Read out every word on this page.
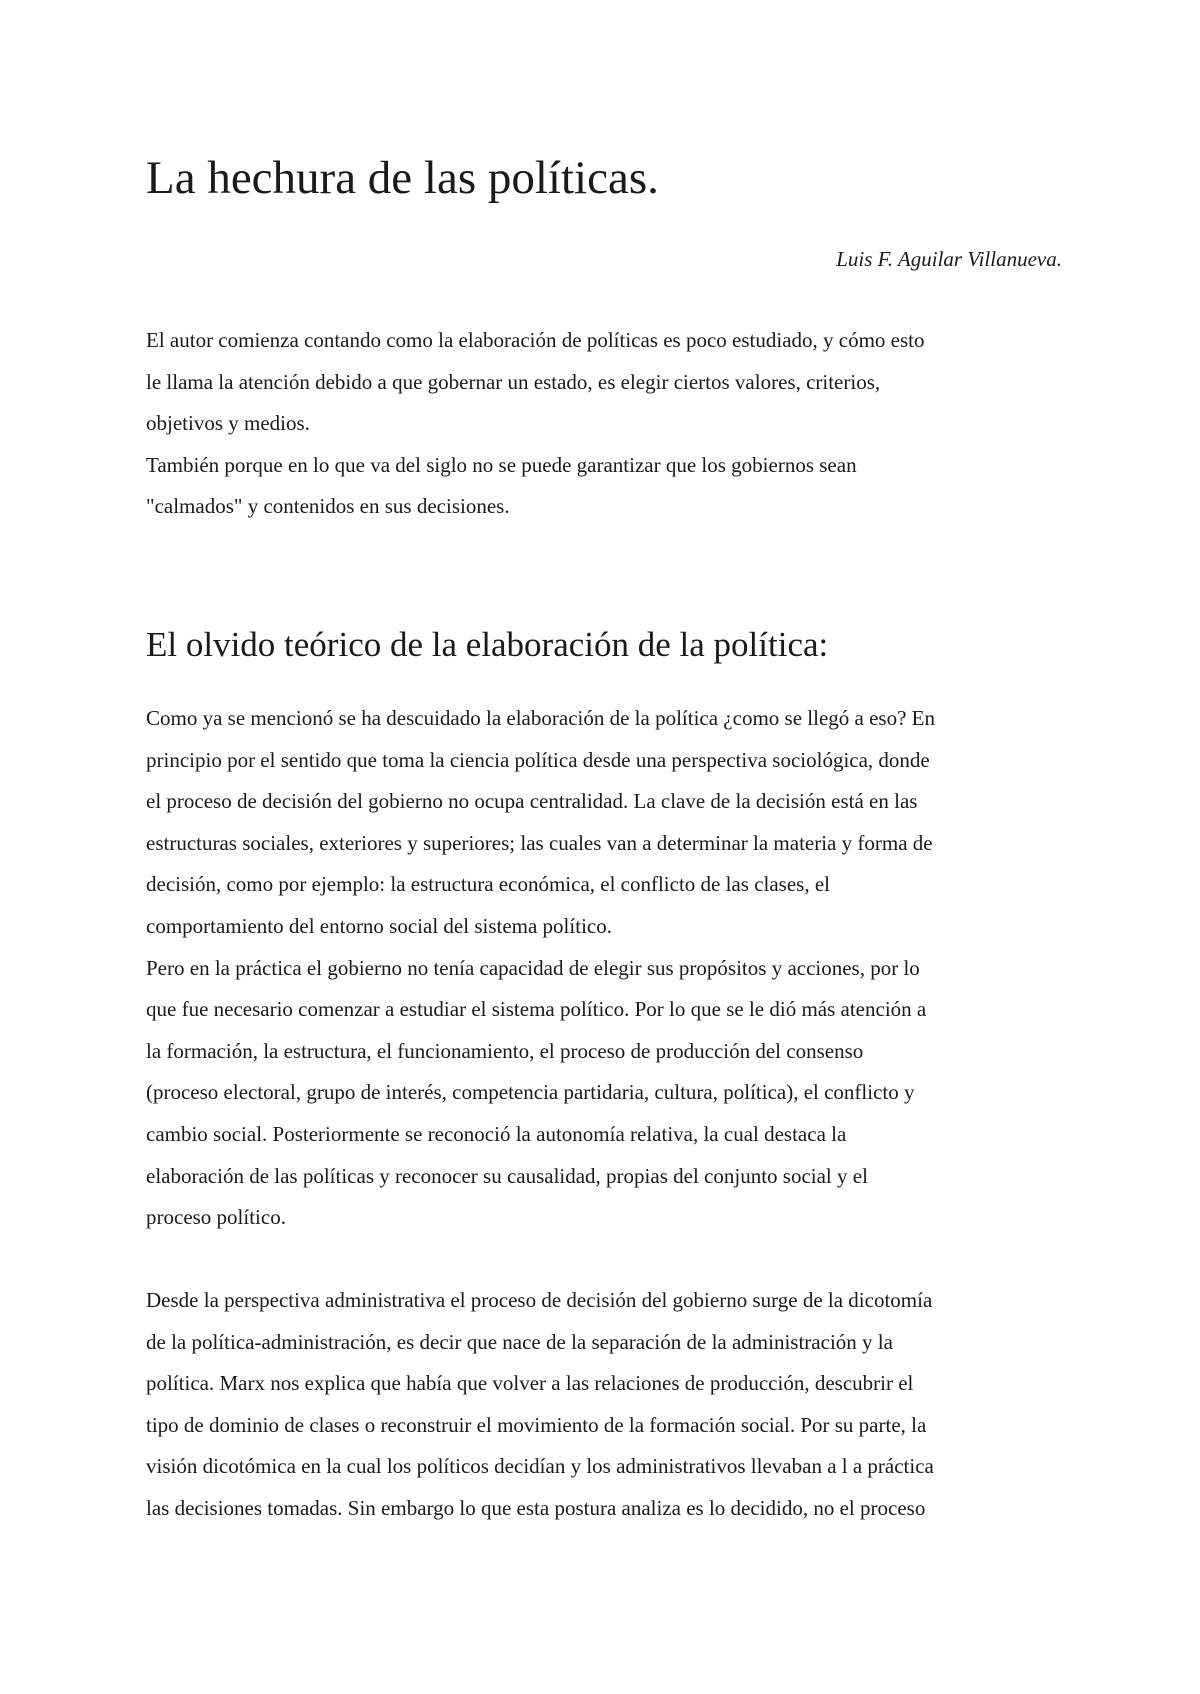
La hechura de las políticas.

Luis F. Aguilar Villanueva.

El autor comienza contando como la elaboración de políticas es poco estudiado, y cómo esto
le llama la atención debido a que gobernar un estado, es elegir ciertos valores, criterios,
objetivos y medios.
También porque en lo que va del siglo no se puede garantizar que los gobiernos sean
"calmados" y contenidos en sus decisiones.

El olvido teórico de la elaboración de la política:

Como ya se mencionó se ha descuidado la elaboración de la política ¿como se llegó a eso? En
principio por el sentido que toma la ciencia política desde una perspectiva sociológica, donde
el proceso de decisión del gobierno no ocupa centralidad. La clave de la decisión está en las
estructuras sociales, exteriores y superiores; las cuales van a determinar la materia y forma de
decisión, como por ejemplo: la estructura económica, el conflicto de las clases, el
comportamiento del entorno social del sistema político.
Pero en la práctica el gobierno no tenía capacidad de elegir sus propósitos y acciones, por lo
que fue necesario comenzar a estudiar el sistema político. Por lo que se le dió más atención a
la formación, la estructura, el funcionamiento, el proceso de producción del consenso
(proceso electoral, grupo de interés, competencia partidaria, cultura, política), el conflicto y
cambio social. Posteriormente se reconoció la autonomía relativa, la cual destaca la
elaboración de las políticas y reconocer su causalidad, propias del conjunto social y el
proceso político.

Desde la perspectiva administrativa el proceso de decisión del gobierno surge de la dicotomía
de la política-administración, es decir que nace de la separación de la administración y la
política. Marx nos explica que había que volver a las relaciones de producción, descubrir el
tipo de dominio de clases o reconstruir el movimiento de la formación social. Por su parte, la
visión dicotómica en la cual los políticos decidían y los administrativos llevaban a l a práctica
las decisiones tomadas. Sin embargo lo que esta postura analiza es lo decidido, no el proceso
